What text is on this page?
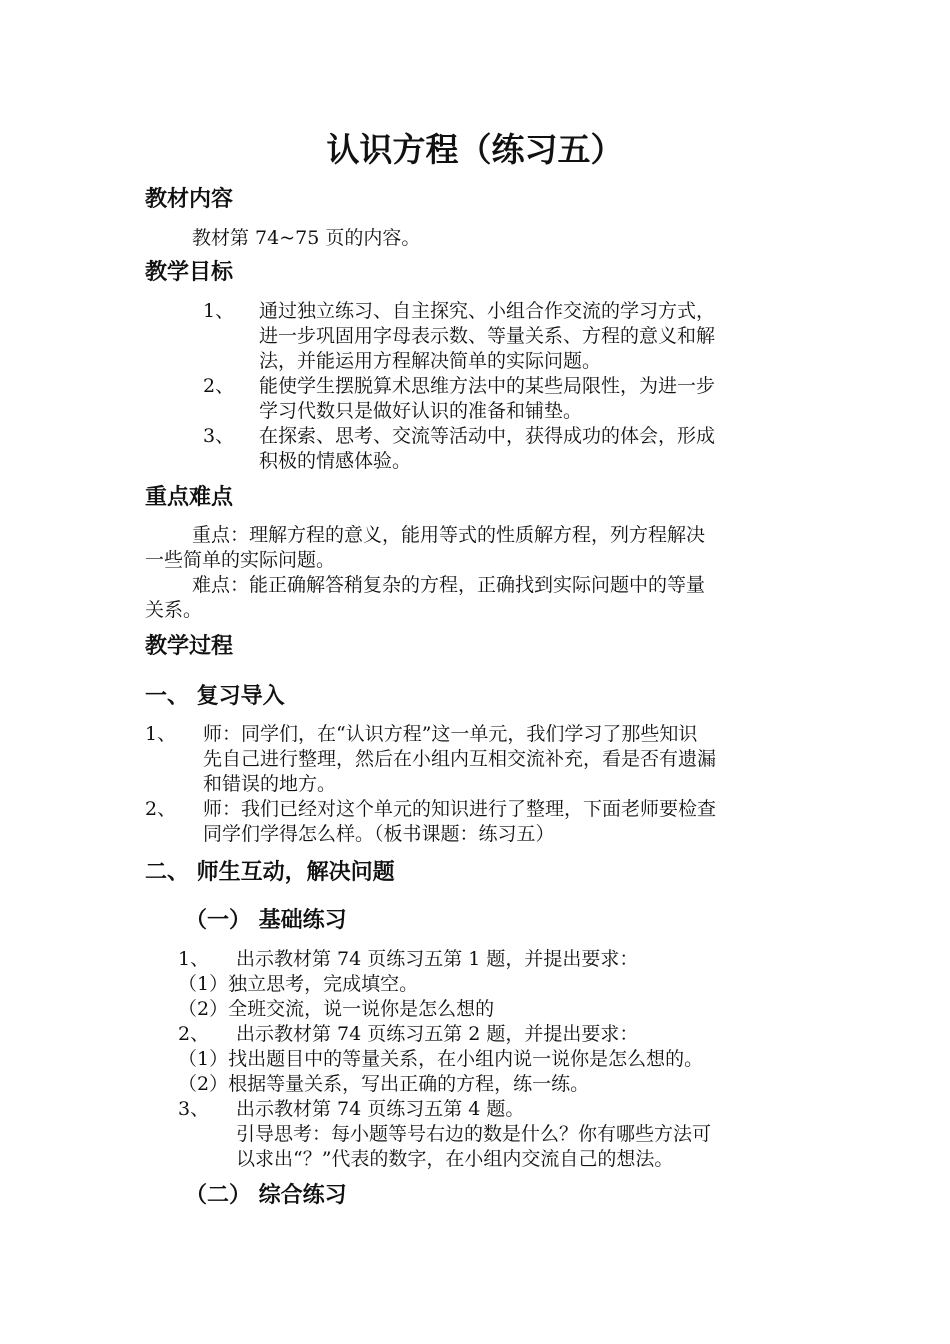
认识方程（练习五）
教材内容
教材第 74~75 页的内容。
教学目标
1、 通过独立练习、自主探究、小组合作交流的学习方式，
进一步巩固用字母表示数、等量关系、方程的意义和解
法，并能运用方程解决简单的实际问题。
2、 能使学生摆脱算术思维方法中的某些局限性，为进一步
学习代数只是做好认识的准备和铺垫。
3、 在探索、思考、交流等活动中，获得成功的体会，形成
积极的情感体验。
重点难点
重点：理解方程的意义，能用等式的性质解方程，列方程解决
一些简单的实际问题。
难点：能正确解答稍复杂的方程，正确找到实际问题中的等量
关系。
教学过程
一、 复习导入
1、 师：同学们，在“认识方程”这一单元，我们学习了那些知识
先自己进行整理，然后在小组内互相交流补充，看是否有遗漏
和错误的地方。
2、 师：我们已经对这个单元的知识进行了整理，下面老师要检查
同学们学得怎么样。（板书课题：练习五）
二、 师生互动，解决问题
（一） 基础练习
1、 出示教材第 74 页练习五第 1 题，并提出要求：
（1）独立思考，完成填空。
（2）全班交流，说一说你是怎么想的
2、 出示教材第 74 页练习五第 2 题，并提出要求：
（1）找出题目中的等量关系，在小组内说一说你是怎么想的。
（2）根据等量关系，写出正确的方程，练一练。
3、 出示教材第 74 页练习五第 4 题。
引导思考：每小题等号右边的数是什么？你有哪些方法可
以求出“？”代表的数字，在小组内交流自己的想法。
（二） 综合练习
